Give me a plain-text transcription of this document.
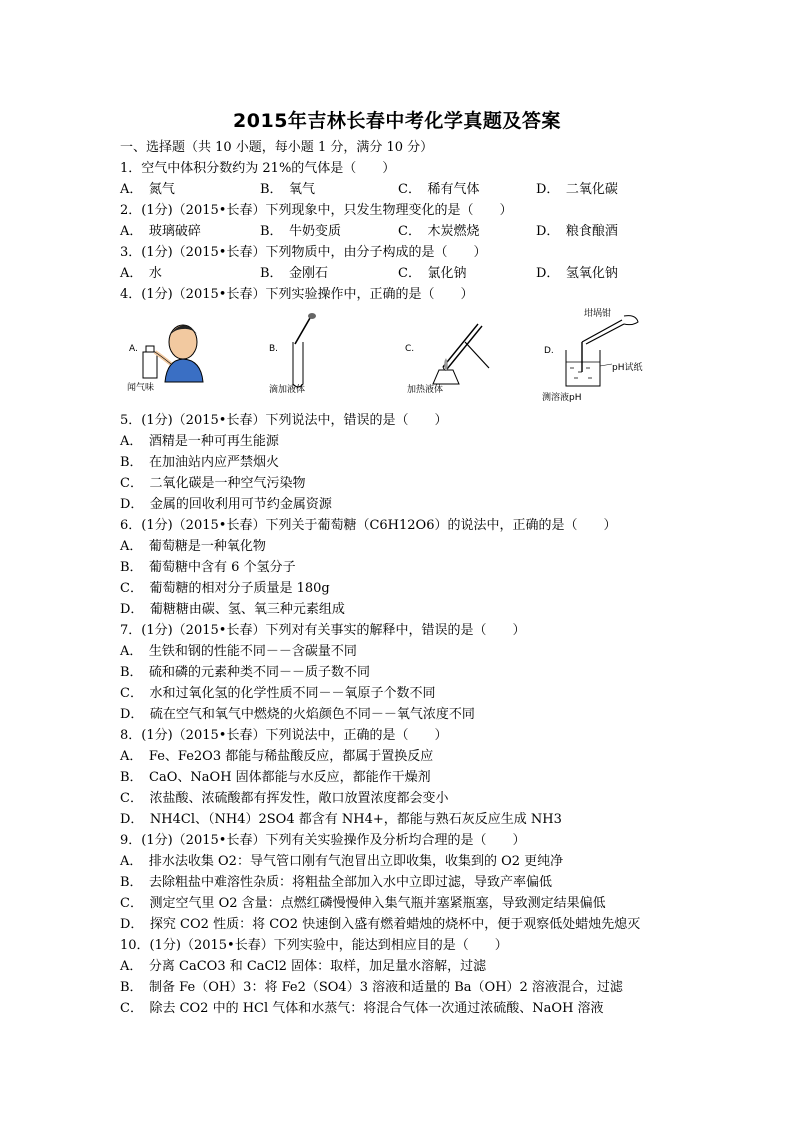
2015年吉林长春中考化学真题及答案
一、选择题（共 10 小题，每小题 1 分，满分 10 分）
1．空气中体积分数约为 21%的气体是（　　）
A．　氮气	B．　氧气	C．　稀有气体	D．　二氧化碳
2．(1分)（2015•长春）下列现象中，只发生物理变化的是（　　）
A．　玻璃破碎	B．　牛奶变质	C．　木炭燃烧	D．　粮食酿酒
3．(1分)（2015•长春）下列物质中，由分子构成的是（　　）
A．　水	B．　金刚石	C．　氯化钠	D．　氢氧化钠
4．(1分)（2015•长春）下列实验操作中，正确的是（　　）
A.
闻气味
B.
滴加液体
C.
加热液体
D.
坩埚钳
pH试纸
测溶液pH
5．(1分)（2015•长春）下列说法中，错误的是（　　）
A．　酒精是一种可再生能源
B．　在加油站内应严禁烟火
C．　二氧化碳是一种空气污染物
D．　金属的回收利用可节约金属资源
6．(1分)（2015•长春）下列关于葡萄糖（C6H12O6）的说法中，正确的是（　　）
A．　葡萄糖是一种氧化物
B．　葡萄糖中含有 6 个氢分子
C．　葡萄糖的相对分子质量是 180g
D．　葡糖糖由碳、氢、氧三种元素组成
7．(1分)（2015•长春）下列对有关事实的解释中，错误的是（　　）
A．　生铁和钢的性能不同－－含碳量不同
B．　硫和磷的元素种类不同－－质子数不同
C．　水和过氧化氢的化学性质不同－－氧原子个数不同
D．　硫在空气和氧气中燃烧的火焰颜色不同－－氧气浓度不同
8．(1分)（2015•长春）下列说法中，正确的是（　　）
A．　Fe、Fe2O3 都能与稀盐酸反应，都属于置换反应
B．　CaO、NaOH 固体都能与水反应，都能作干燥剂
C．　浓盐酸、浓硫酸都有挥发性，敞口放置浓度都会变小
D．　NH4Cl、（NH4）2SO4 都含有 NH4+，都能与熟石灰反应生成 NH3
9．(1分)（2015•长春）下列有关实验操作及分析均合理的是（　　）
A．　排水法收集 O2：导气管口刚有气泡冒出立即收集，收集到的 O2 更纯净
B．　去除粗盐中难溶性杂质：将粗盐全部加入水中立即过滤，导致产率偏低
C．　测定空气里 O2 含量：点燃红磷慢慢伸入集气瓶并塞紧瓶塞，导致测定结果偏低
D．　探究 CO2 性质：将 CO2 快速倒入盛有燃着蜡烛的烧杯中，便于观察低处蜡烛先熄灭
10．(1分)（2015•长春）下列实验中，能达到相应目的是（　　）
A．　分离 CaCO3 和 CaCl2 固体：取样，加足量水溶解，过滤
B．　制备 Fe（OH）3：将 Fe2（SO4）3 溶液和适量的 Ba（OH）2 溶液混合，过滤
C．　除去 CO2 中的 HCl 气体和水蒸气：将混合气体一次通过浓硫酸、NaOH 溶液
